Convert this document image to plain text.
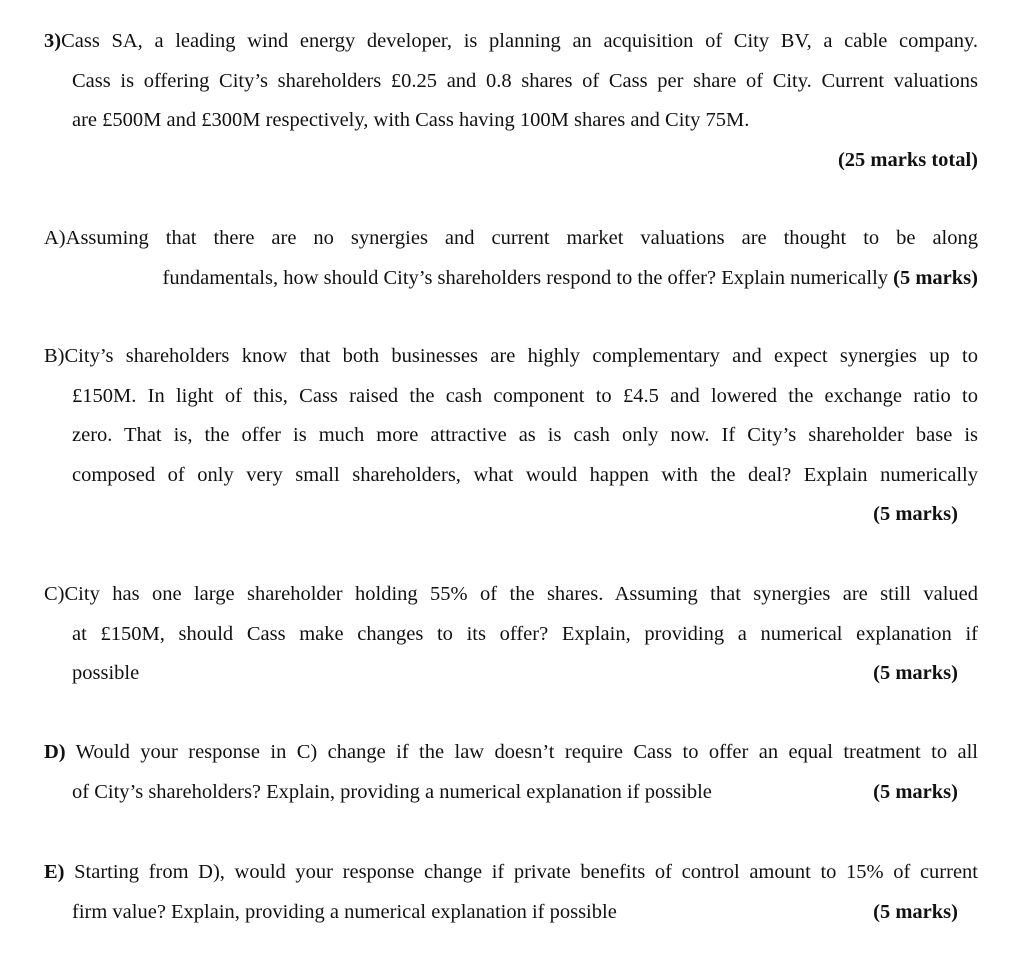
3)Cass SA, a leading wind energy developer, is planning an acquisition of City BV, a cable company.
Cass is offering City’s shareholders £0.25 and 0.8 shares of Cass per share of City. Current valuations
are £500M and £300M respectively, with Cass having 100M shares and City 75M.
(25 marks total)
A)Assuming that there are no synergies and current market valuations are thought to be along
fundamentals, how should City’s shareholders respond to the offer? Explain numerically (5 marks)
B)City’s shareholders know that both businesses are highly complementary and expect synergies up to
£150M. In light of this, Cass raised the cash component to £4.5 and lowered the exchange ratio to
zero. That is, the offer is much more attractive as is cash only now. If City’s shareholder base is
composed of only very small shareholders, what would happen with the deal? Explain numerically
(5 marks)
C)City has one large shareholder holding 55% of the shares. Assuming that synergies are still valued
at £150M, should Cass make changes to its offer? Explain, providing a numerical explanation if
(5 marks)
possible
D) Would your response in C) change if the law doesn’t require Cass to offer an equal treatment to all
(5 marks)
of City’s shareholders? Explain, providing a numerical explanation if possible
E) Starting from D), would your response change if private benefits of control amount to 15% of current
(5 marks)
firm value? Explain, providing a numerical explanation if possible
